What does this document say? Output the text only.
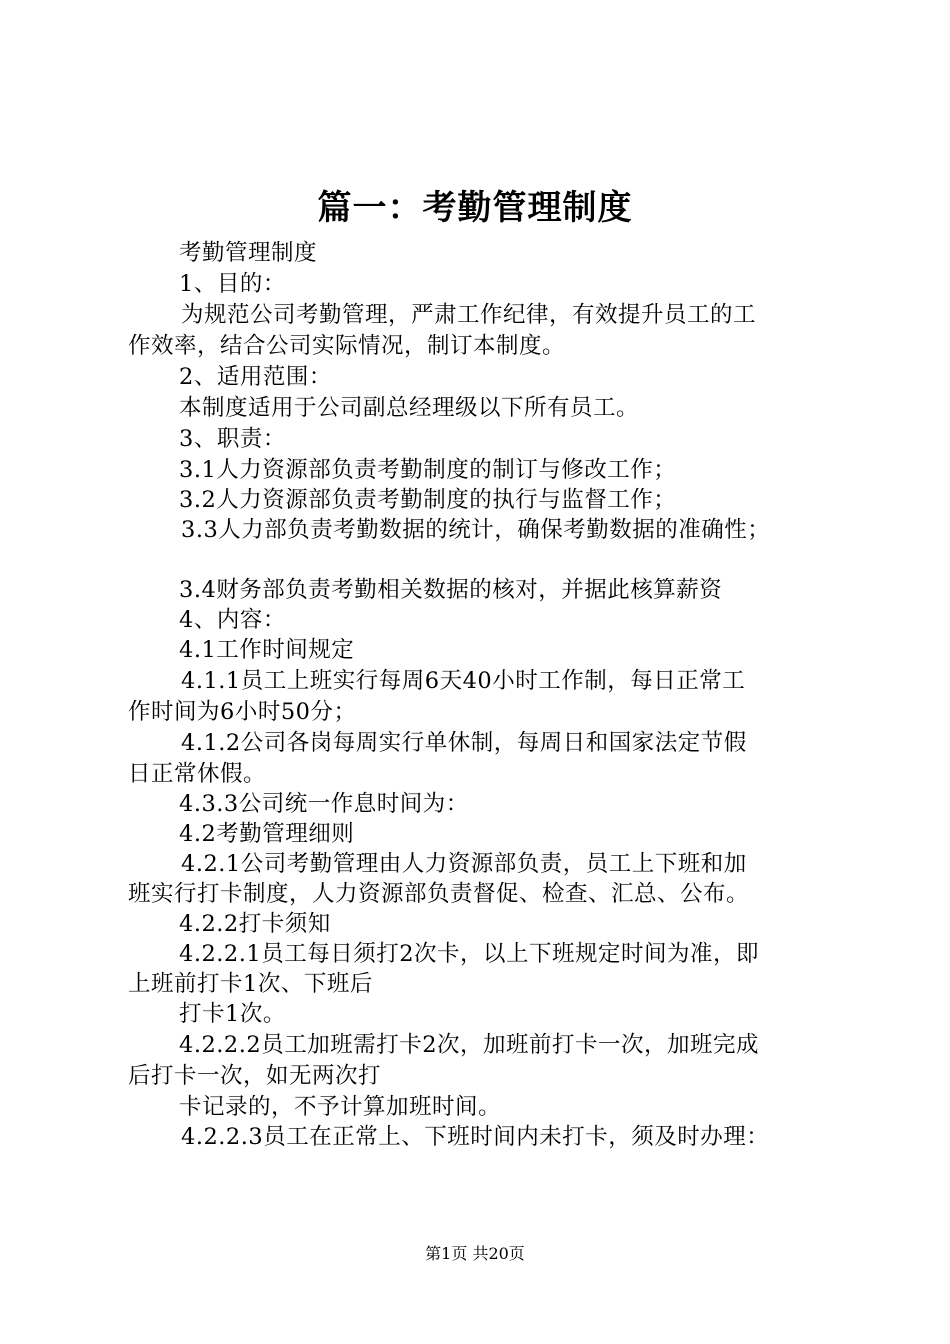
篇一：考勤管理制度
考勤管理制度
1、目的：
为规范公司考勤管理，严肃工作纪律，有效提升员工的工
作效率，结合公司实际情况，制订本制度。
2、适用范围：
本制度适用于公司副总经理级以下所有员工。
3、职责：
3.1人力资源部负责考勤制度的制订与修改工作；
3.2人力资源部负责考勤制度的执行与监督工作；
3.3人力部负责考勤数据的统计，确保考勤数据的准确性；
3.4财务部负责考勤相关数据的核对，并据此核算薪资
4、内容：
4.1工作时间规定
4.1.1员工上班实行每周6天40小时工作制，每日正常工
作时间为6小时50分；
4.1.2公司各岗每周实行单休制，每周日和国家法定节假
日正常休假。
4.3.3公司统一作息时间为：
4.2考勤管理细则
4.2.1公司考勤管理由人力资源部负责，员工上下班和加
班实行打卡制度，人力资源部负责督促、检查、汇总、公布。
4.2.2打卡须知
4.2.2.1员工每日须打2次卡，以上下班规定时间为准，即
上班前打卡1次、下班后
打卡1次。
4.2.2.2员工加班需打卡2次，加班前打卡一次，加班完成
后打卡一次，如无两次打
卡记录的，不予计算加班时间。
4.2.2.3员工在正常上、下班时间内未打卡，须及时办理：
第1页 共20页
